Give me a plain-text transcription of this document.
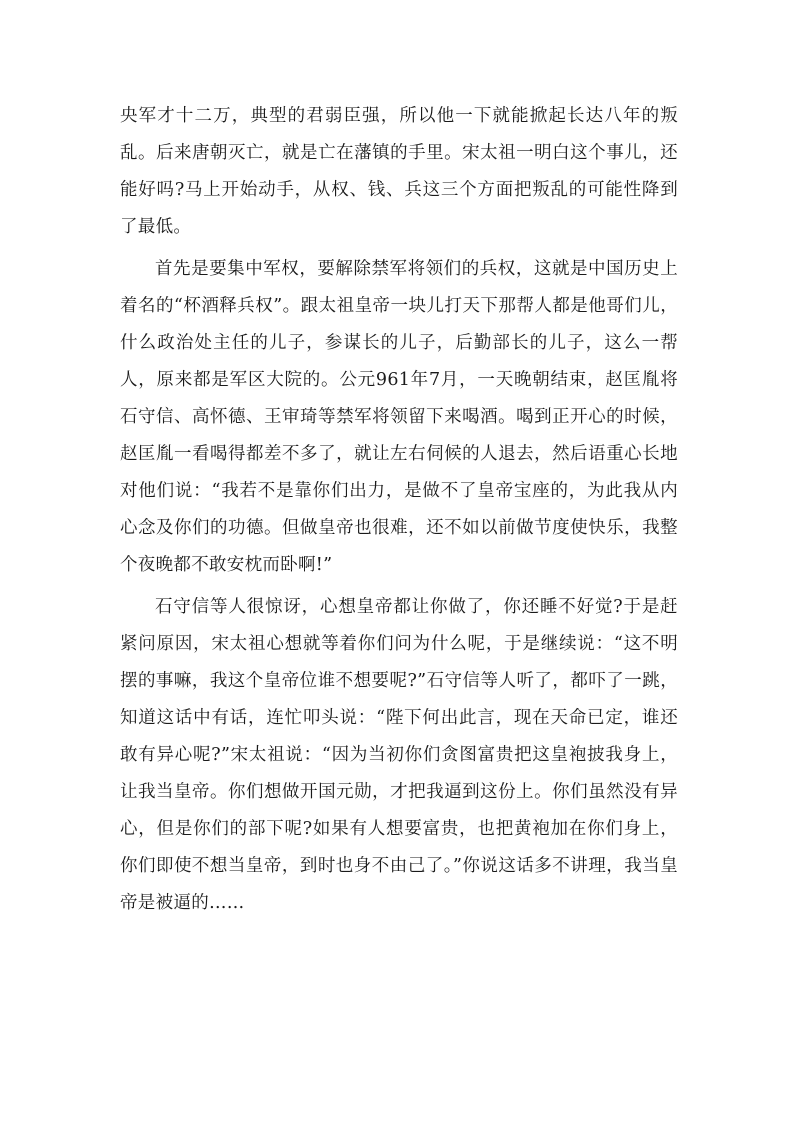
央军才十二万，典型的君弱臣强，所以他一下就能掀起长达八年的叛乱。后来唐朝灭亡，就是亡在藩镇的手里。宋太祖一明白这个事儿，还能好吗?马上开始动手，从权、钱、兵这三个方面把叛乱的可能性降到了最低。

首先是要集中军权，要解除禁军将领们的兵权，这就是中国历史上着名的“杯酒释兵权”。跟太祖皇帝一块儿打天下那帮人都是他哥们儿，什么政治处主任的儿子，参谋长的儿子，后勤部长的儿子，这么一帮人，原来都是军区大院的。公元961年7月，一天晚朝结束，赵匡胤将石守信、高怀德、王审琦等禁军将领留下来喝酒。喝到正开心的时候，赵匡胤一看喝得都差不多了，就让左右伺候的人退去，然后语重心长地对他们说：“我若不是靠你们出力，是做不了皇帝宝座的，为此我从内心念及你们的功德。但做皇帝也很难，还不如以前做节度使快乐，我整个夜晚都不敢安枕而卧啊!”

石守信等人很惊讶，心想皇帝都让你做了，你还睡不好觉?于是赶紧问原因，宋太祖心想就等着你们问为什么呢，于是继续说：“这不明摆的事嘛，我这个皇帝位谁不想要呢?”石守信等人听了，都吓了一跳，知道这话中有话，连忙叩头说：“陛下何出此言，现在天命已定，谁还敢有异心呢?”宋太祖说：“因为当初你们贪图富贵把这皇袍披我身上，让我当皇帝。你们想做开国元勋，才把我逼到这份上。你们虽然没有异心，但是你们的部下呢?如果有人想要富贵，也把黄袍加在你们身上，你们即使不想当皇帝，到时也身不由己了。”你说这话多不讲理，我当皇帝是被逼的……
